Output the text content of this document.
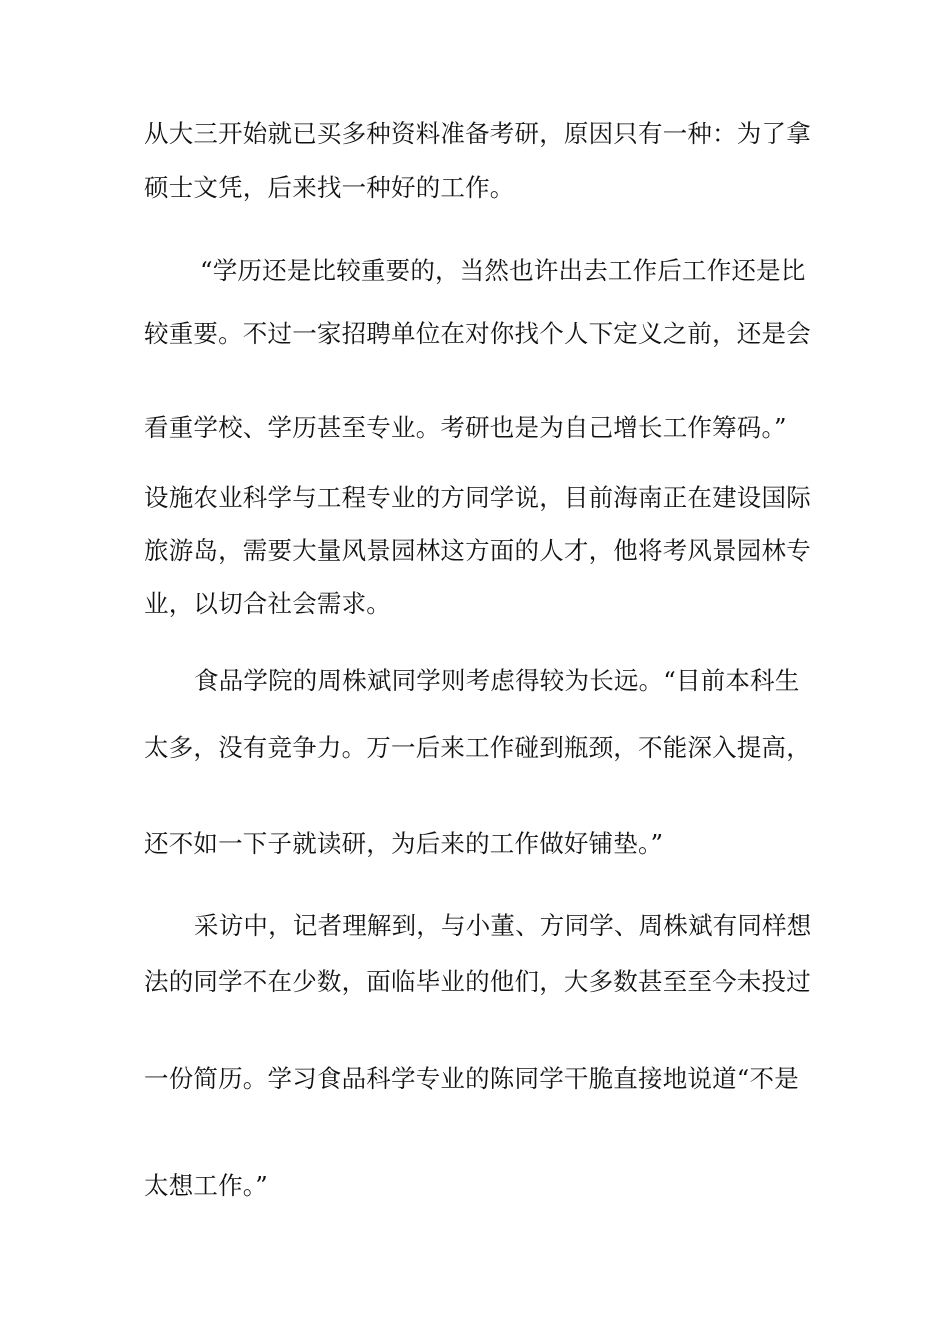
从大三开始就已买多种资料准备考研，原因只有一种：为了拿
硕士文凭，后来找一种好的工作。
“学历还是比较重要的，当然也许出去工作后工作还是比
较重要。不过一家招聘单位在对你找个人下定义之前，还是会
看重学校、学历甚至专业。考研也是为自己增长工作筹码。”
设施农业科学与工程专业的方同学说，目前海南正在建设国际
旅游岛，需要大量风景园林这方面的人才，他将考风景园林专
业，以切合社会需求。
食品学院的周株斌同学则考虑得较为长远。“目前本科生
太多，没有竞争力。万一后来工作碰到瓶颈，不能深入提高，
还不如一下子就读研，为后来的工作做好铺垫。”
采访中，记者理解到，与小董、方同学、周株斌有同样想
法的同学不在少数，面临毕业的他们，大多数甚至至今未投过
一份简历。学习食品科学专业的陈同学干脆直接地说道“不是
太想工作。”
